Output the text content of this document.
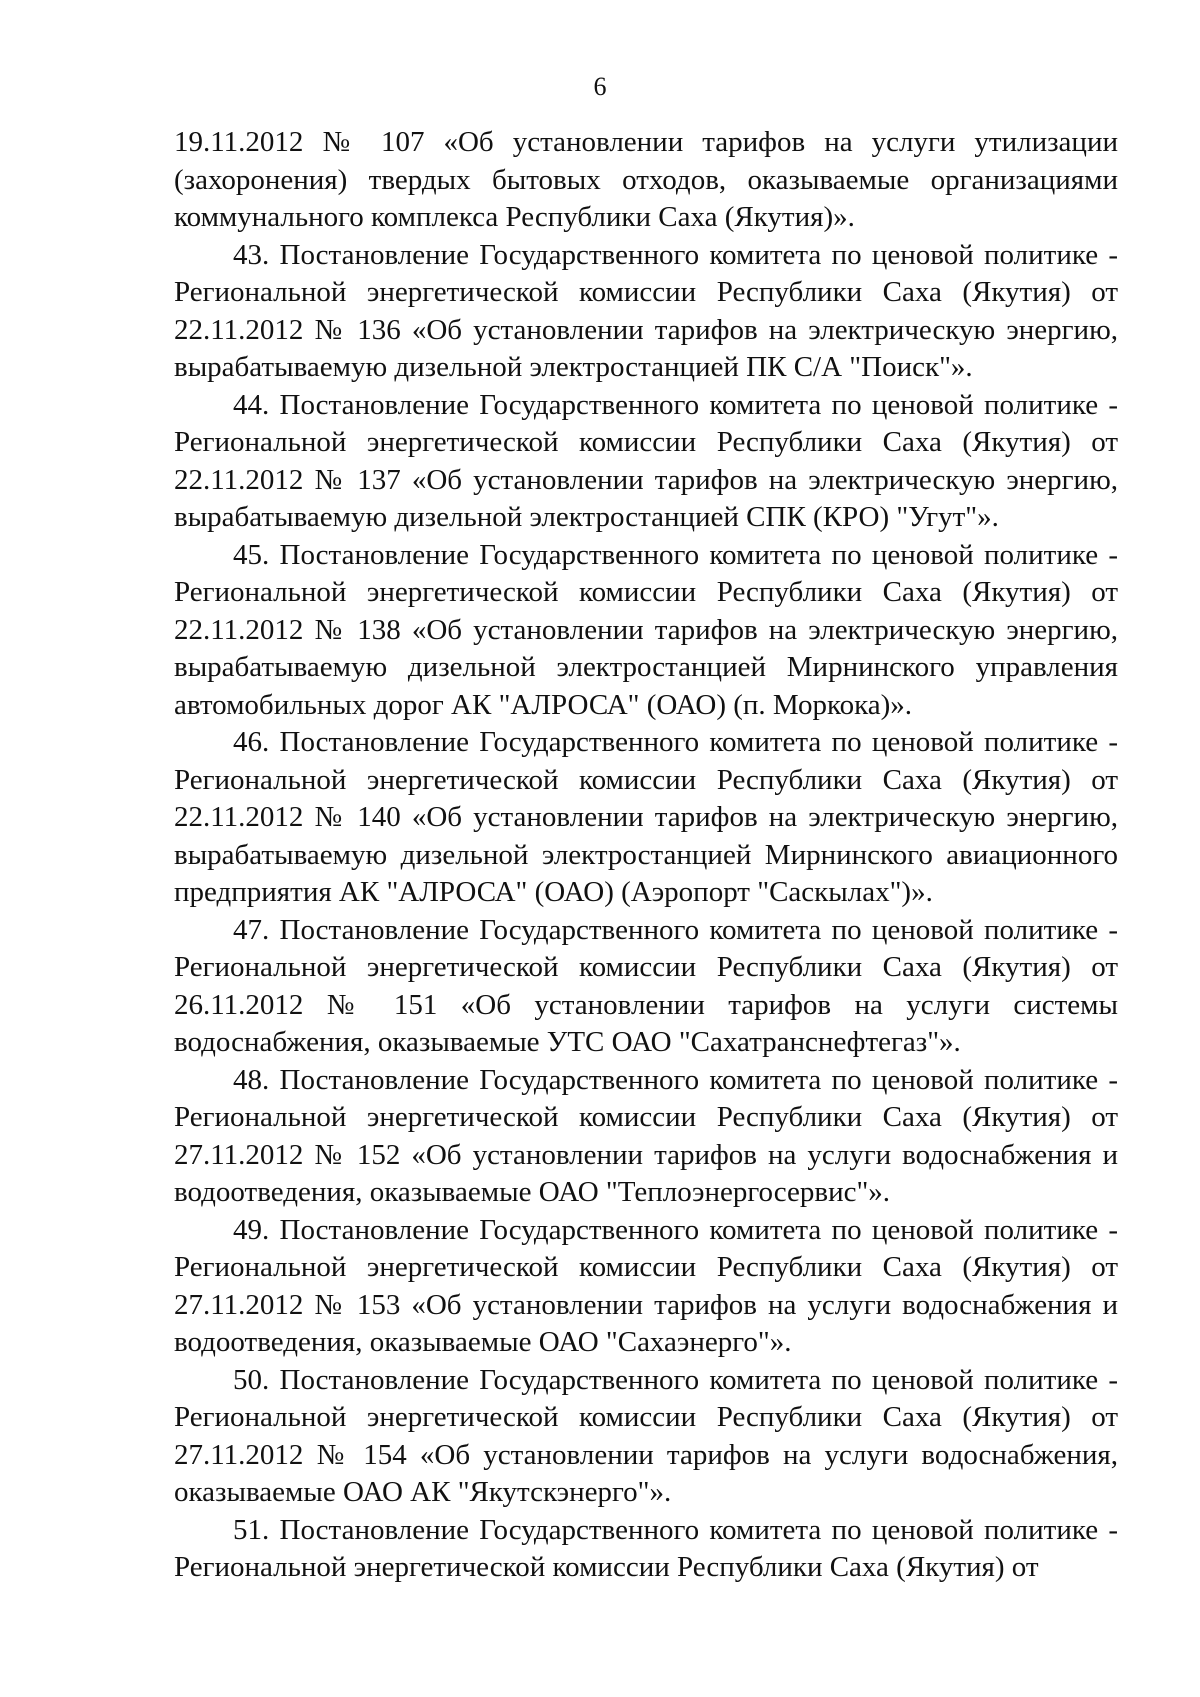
6

19.11.2012 № 107 «Об установлении тарифов на услуги утилизации (захоронения) твердых бытовых отходов, оказываемые организациями коммунального комплекса Республики Саха (Якутия)».

43. Постановление Государственного комитета по ценовой политике - Региональной энергетической комиссии Республики Саха (Якутия) от 22.11.2012 № 136 «Об установлении тарифов на электрическую энергию, вырабатываемую дизельной электростанцией ПК С/А "Поиск"».

44. Постановление Государственного комитета по ценовой политике - Региональной энергетической комиссии Республики Саха (Якутия) от 22.11.2012 № 137 «Об установлении тарифов на электрическую энергию, вырабатываемую дизельной электростанцией СПК (КРО) "Угут"».

45. Постановление Государственного комитета по ценовой политике - Региональной энергетической комиссии Республики Саха (Якутия) от 22.11.2012 № 138 «Об установлении тарифов на электрическую энергию, вырабатываемую дизельной электростанцией Мирнинского управления автомобильных дорог АК "АЛРОСА" (ОАО) (п. Моркока)».

46. Постановление Государственного комитета по ценовой политике - Региональной энергетической комиссии Республики Саха (Якутия) от 22.11.2012 № 140 «Об установлении тарифов на электрическую энергию, вырабатываемую дизельной электростанцией Мирнинского авиационного предприятия АК "АЛРОСА" (ОАО) (Аэропорт "Саскылах")».

47. Постановление Государственного комитета по ценовой политике - Региональной энергетической комиссии Республики Саха (Якутия) от 26.11.2012 № 151 «Об установлении тарифов на услуги системы водоснабжения, оказываемые УТС ОАО "Сахатранснефтегаз"».

48. Постановление Государственного комитета по ценовой политике - Региональной энергетической комиссии Республики Саха (Якутия) от 27.11.2012 № 152 «Об установлении тарифов на услуги водоснабжения и водоотведения, оказываемые ОАО "Теплоэнергосервис"».

49. Постановление Государственного комитета по ценовой политике - Региональной энергетической комиссии Республики Саха (Якутия) от 27.11.2012 № 153 «Об установлении тарифов на услуги водоснабжения и водоотведения, оказываемые ОАО "Сахаэнерго"».

50. Постановление Государственного комитета по ценовой политике - Региональной энергетической комиссии Республики Саха (Якутия) от 27.11.2012 № 154 «Об установлении тарифов на услуги водоснабжения, оказываемые ОАО АК "Якутскэнерго"».

51. Постановление Государственного комитета по ценовой политике - Региональной энергетической комиссии Республики Саха (Якутия) от
